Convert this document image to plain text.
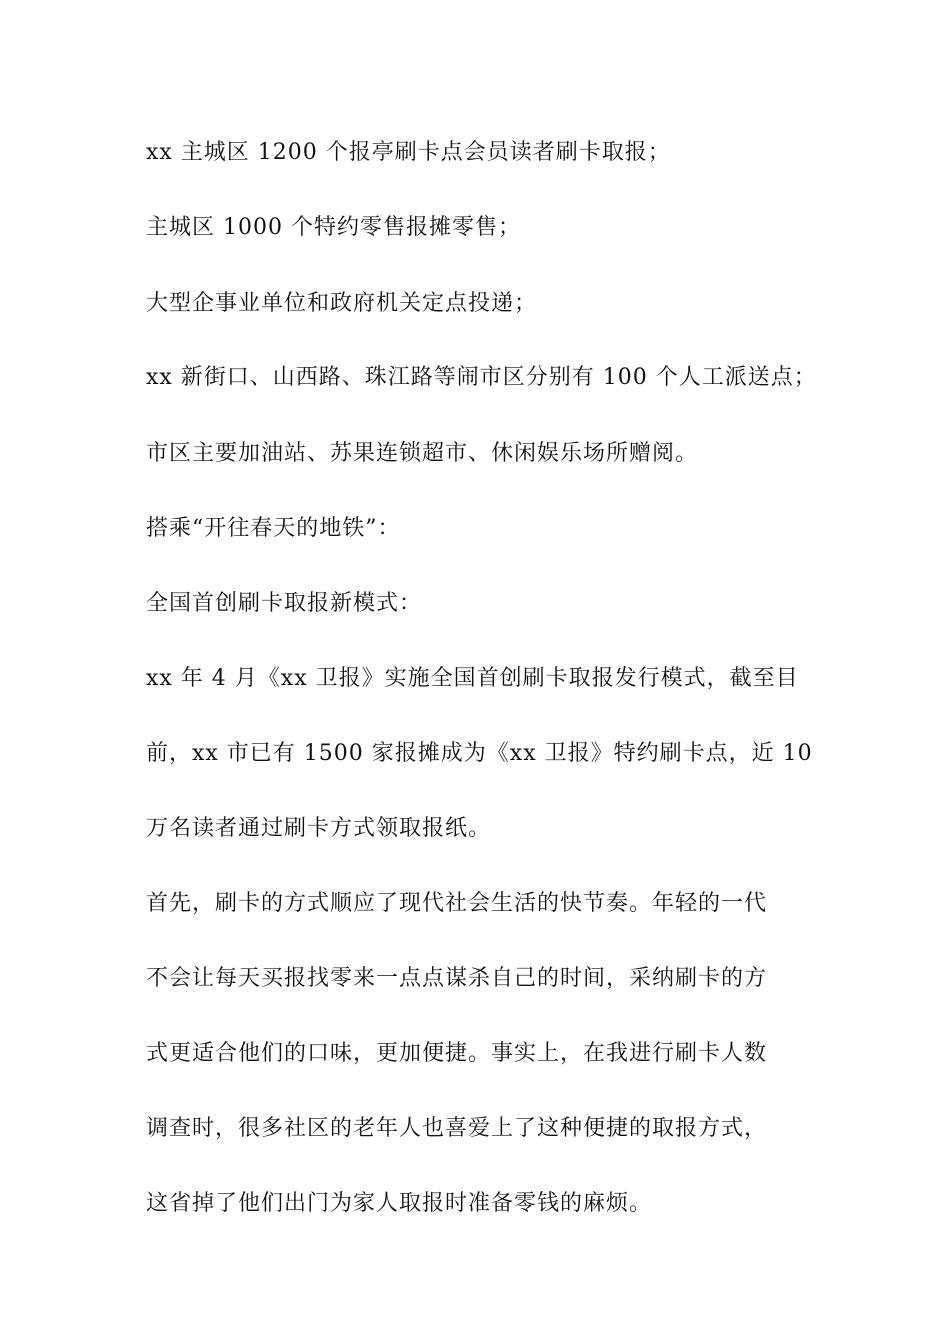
xx 主城区 1200 个报亭刷卡点会员读者刷卡取报；
主城区 1000 个特约零售报摊零售；
大型企事业单位和政府机关定点投递；
xx 新街口、山西路、珠江路等闹市区分别有 100 个人工派送点；
市区主要加油站、苏果连锁超市、休闲娱乐场所赠阅。
搭乘“开往春天的地铁”：
全国首创刷卡取报新模式：
xx 年 4 月《xx 卫报》实施全国首创刷卡取报发行模式，截至目
前，xx 市已有 1500 家报摊成为《xx 卫报》特约刷卡点，近 10
万名读者通过刷卡方式领取报纸。
首先，刷卡的方式顺应了现代社会生活的快节奏。年轻的一代
不会让每天买报找零来一点点谋杀自己的时间，采纳刷卡的方
式更适合他们的口味，更加便捷。事实上，在我进行刷卡人数
调查时，很多社区的老年人也喜爱上了这种便捷的取报方式，
这省掉了他们出门为家人取报时准备零钱的麻烦。
